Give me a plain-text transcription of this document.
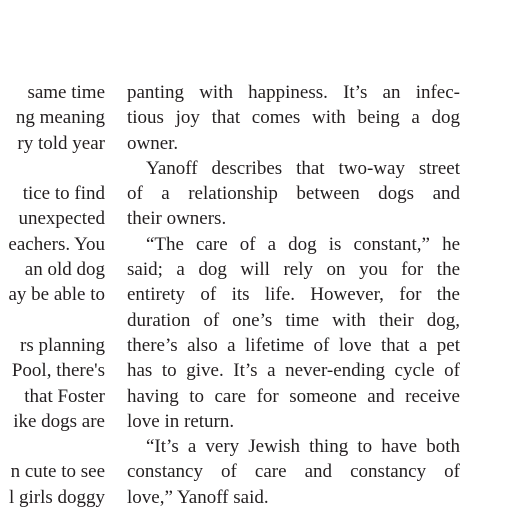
same time
ng meaning
ry told year
tice to find
unexpected
eachers. You
an old dog
ay be able to
rs planning
Pool, there's
that Foster
ike dogs are
n cute to see
l girls doggy
panting with happiness. It’s an infec-
tious joy that comes with being a dog
owner.
Yanoff describes that two-way street
of a relationship between dogs and
their owners.
“The care of a dog is constant,” he
said; a dog will rely on you for the
entirety of its life. However, for the
duration of one’s time with their dog,
there’s also a lifetime of love that a pet
has to give. It’s a never-ending cycle of
having to care for someone and receive
love in return.
“It’s a very Jewish thing to have both
constancy of care and constancy of
love,” Yanoff said.
